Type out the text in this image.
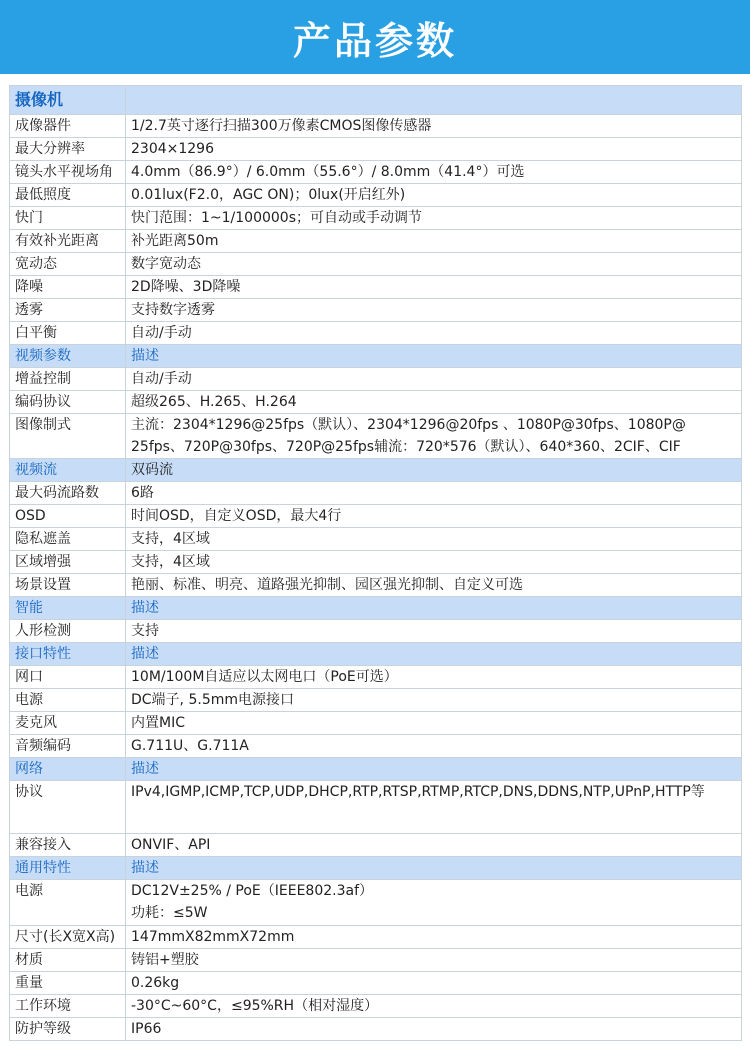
产品参数
摄像机	
成像器件	1/2.7英寸逐行扫描300万像素CMOS图像传感器
最大分辨率	2304×1296
镜头水平视场角	4.0mm（86.9°）/ 6.0mm（55.6°）/ 8.0mm（41.4°）可选
最低照度	0.01lux(F2.0，AGC ON)；0lux(开启红外)
快门	快门范围：1~1/100000s；可自动或手动调节
有效补光距离	补光距离50m
宽动态	数字宽动态
降噪	2D降噪、3D降噪
透雾	支持数字透雾
白平衡	自动/手动
视频参数	描述
增益控制	自动/手动
编码协议	超级265、H.265、H.264
图像制式	主流：2304*1296@25fps（默认）、2304*1296@20fps 、1080P@30fps、1080P@
25fps、720P@30fps、720P@25fps辅流：720*576（默认）、640*360、2CIF、CIF

视频流	双码流
最大码流路数	6路
OSD	时间OSD，自定义OSD，最大4行
隐私遮盖	支持，4区域
区域增强	支持，4区域
场景设置	艳丽、标准、明亮、道路强光抑制、园区强光抑制、自定义可选
智能	描述
人形检测	支持
接口特性	描述
网口	10M/100M自适应以太网电口（PoE可选）
电源	DC端子, 5.5mm电源接口
麦克风	内置MIC
音频编码	G.711U、G.711A
网络	描述
协议	IPv4,IGMP,ICMP,TCP,UDP,DHCP,RTP,RTSP,RTMP,RTCP,DNS,DDNS,NTP,UPnP,HTTP等
兼容接入	ONVIF、API
通用特性	描述
电源	DC12V±25% / PoE（IEEE802.3af）
功耗：≤5W

尺寸(长X宽X高)	147mmX82mmX72mm
材质	铸铝+塑胶
重量	0.26kg
工作环境	-30°C~60°C，≤95%RH（相对湿度）
防护等级	IP66
